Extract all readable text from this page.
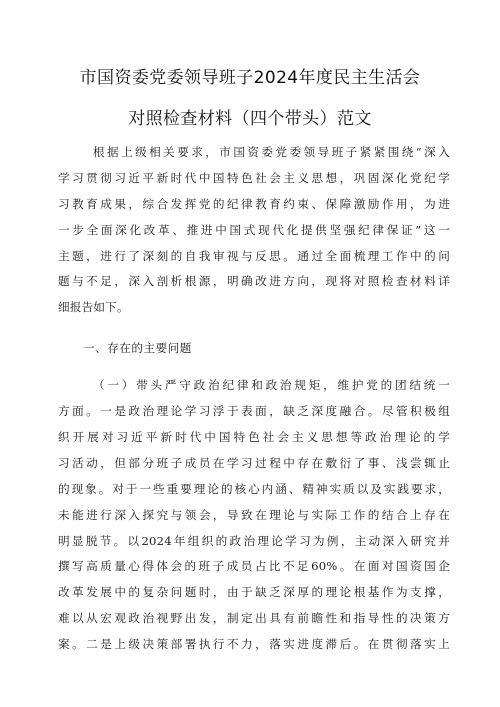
市国资委党委领导班子2024年度民主生活会
对照检查材料（四个带头）范文
根据上级相关要求，市国资委党委领导班子紧紧围绕“深入
学习贯彻习近平新时代中国特色社会主义思想，巩固深化党纪学
习教育成果，综合发挥党的纪律教育约束、保障激励作用，为进
一步全面深化改革、推进中国式现代化提供坚强纪律保证”这一
主题，进行了深刻的自我审视与反思。通过全面梳理工作中的问
题与不足，深入剖析根源，明确改进方向，现将对照检查材料详
细报告如下。
一、存在的主要问题
（一）带头严守政治纪律和政治规矩，维护党的团结统一
方面。一是政治理论学习浮于表面，缺乏深度融合。尽管积极组
织开展对习近平新时代中国特色社会主义思想等政治理论的学
习活动，但部分班子成员在学习过程中存在敷衍了事、浅尝辄止
的现象。对于一些重要理论的核心内涵、精神实质以及实践要求，
未能进行深入探究与领会，导致在理论与实际工作的结合上存在
明显脱节。以2024年组织的政治理论学习为例，主动深入研究并
撰写高质量心得体会的班子成员占比不足60%。在面对国资国企
改革发展中的复杂问题时，由于缺乏深厚的理论根基作为支撑，
难以从宏观政治视野出发，制定出具有前瞻性和指导性的决策方
案。二是上级决策部署执行不力，落实进度滞后。在贯彻落实上
